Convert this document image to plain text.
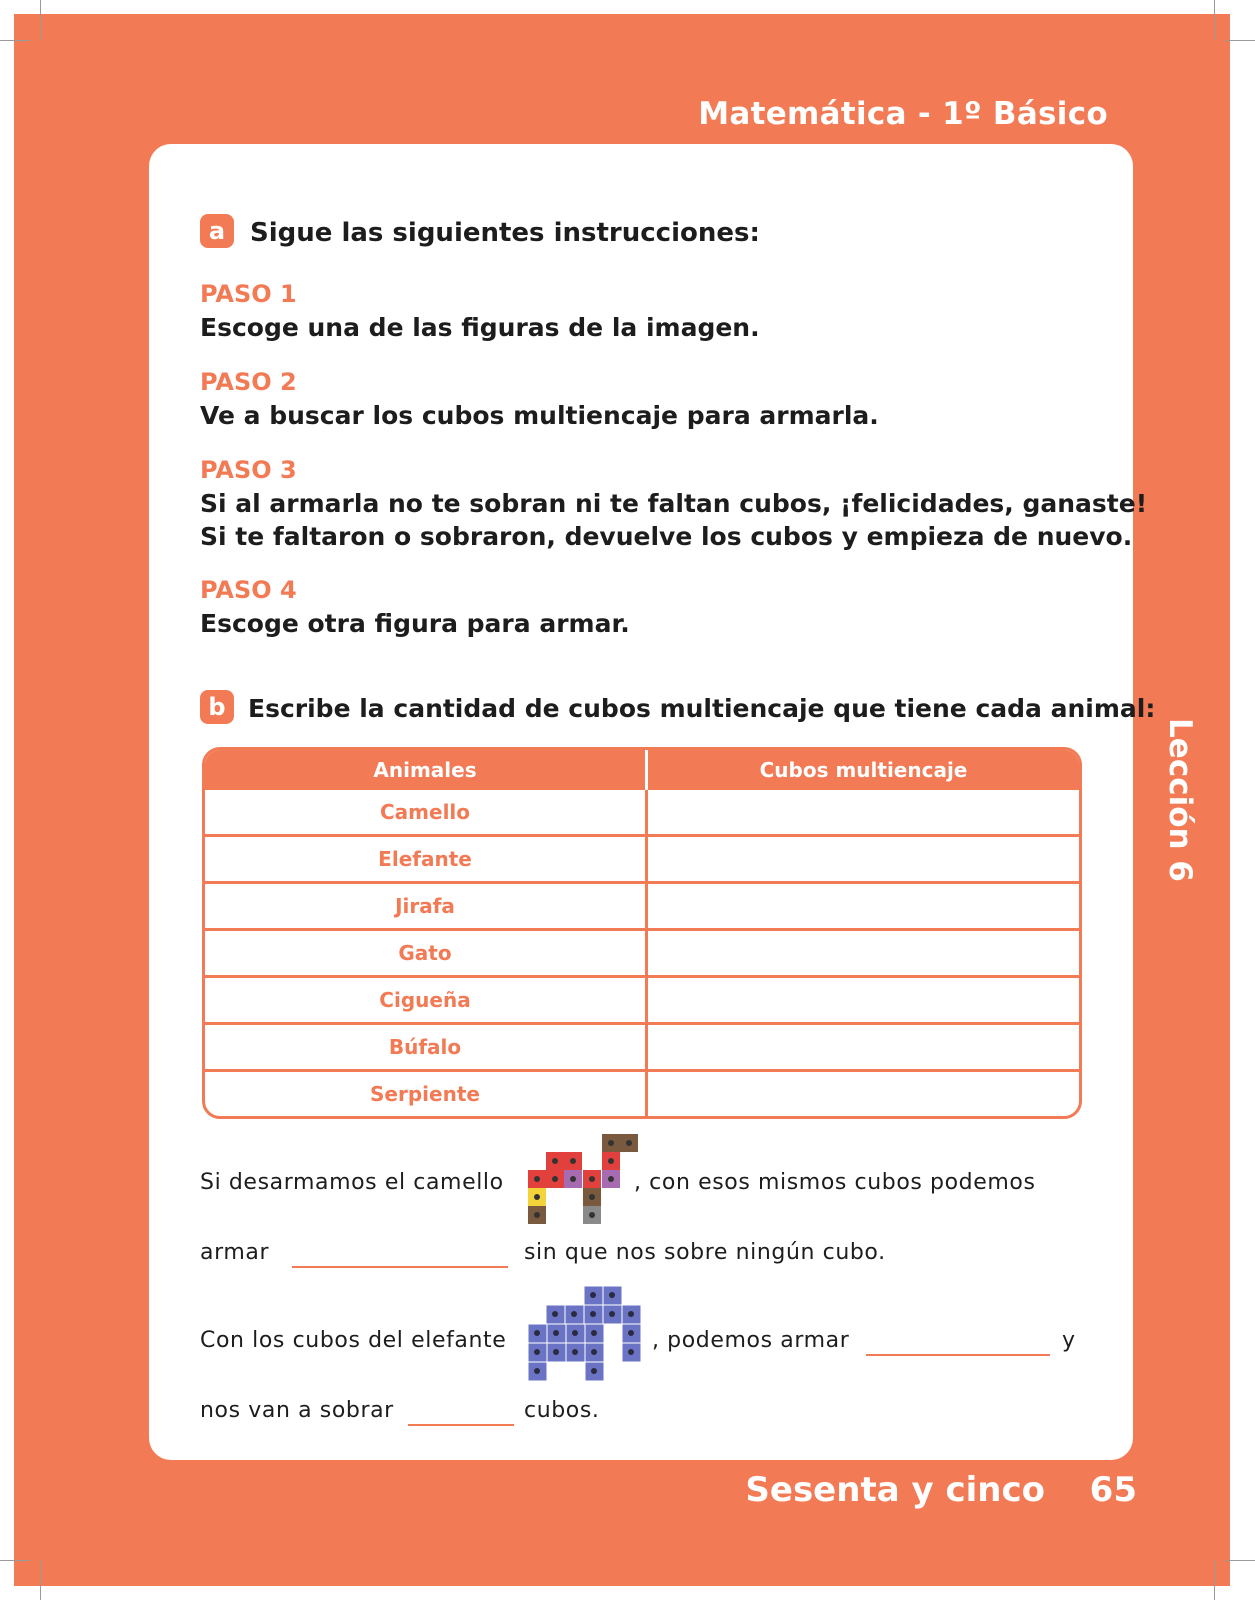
Matemática - 1º Básico
a Sigue las siguientes instrucciones:
PASO 1
Escoge una de las figuras de la imagen.
PASO 2
Ve a buscar los cubos multiencaje para armarla.
PASO 3
Si al armarla no te sobran ni te faltan cubos, ¡felicidades, ganaste!
Si te faltaron o sobraron, devuelve los cubos y empieza de nuevo.
PASO 4
Escoge otra figura para armar.
b Escribe la cantidad de cubos multiencaje que tiene cada animal:
Animales	Cubos multiencaje
Camello	
Elefante	
Jirafa	
Gato	
Cigueña	
Búfalo	
Serpiente	
Si desarmamos el camello	, con esos mismos cubos podemos
armar	sin que nos sobre ningún cubo.
Con los cubos del elefante	, podemos armar	y
nos van a sobrar	cubos.
Lección 6
Sesenta y cinco 65
